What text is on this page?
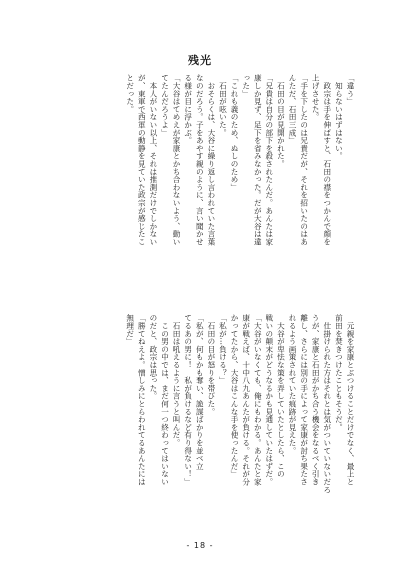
残光
「違う」
　知らないはずはない。
　政宗は手を伸ばすと、石田の襟をつかんで顔を
上げさせた。
「手を下したのは兄貴だが、それを招いたのはあ
んただ、石田三成」
　石田の目が見開かれた。
「兄貴は自分の部下を殺されたんだ。あんたは家
康しか見ず、足下を省みなかった。だが大谷は違
った」
「これも義のため、ぬしのため」
　石田が呟いた。
　おそらくは、大谷に繰り返し言われていた言葉
なのだろう。子をあやす親のように、言い聞かせ
る様が目に浮かぶ。
「大谷はてめえが家康とかち合わないよう、動い
てたんだろうよ」
　本人がいない以上、それは推測だけでしかない
が、東軍で西軍の動静を見ていた政宗が感じたこ
とだった。
　元親を家康とぶつけることだけでなく、最上と
前田を焚きつけたこともそうだ。
　仕掛けられた方はそれとは気がついていないだろ
うが、家康と石田がかち合う機会をなるべく引き
離し、さらには別の手によって家康が討ち果たさ
れるよう画策されていた痕跡が見えた。
　大谷が卑怯な策を弄していたとしたら、この
戦いの顛末がどうなるかも見通していたはずだ。
「大谷がいなくても、俺にもわかる。あんたと家
康が戦えば、十中八九あんたが負ける。それが分
かってたから、大谷はこんな手を使ったんだ」
「私が…負ける？」
　石田の目が怒りを帯びた。
「私が、何もかも奪い、詭謀ばかりを並べ立
てるあの男に！　私が負けるなど有り得ない！」
　石田は吼えるように言うと叫んだ。
　この男の中では、まだ何一つ終わってはいない
のだと、政宗は思った。
「勝てねえよ。憎しみにとらわれてるあんたには
無理だ」
- 18 -
